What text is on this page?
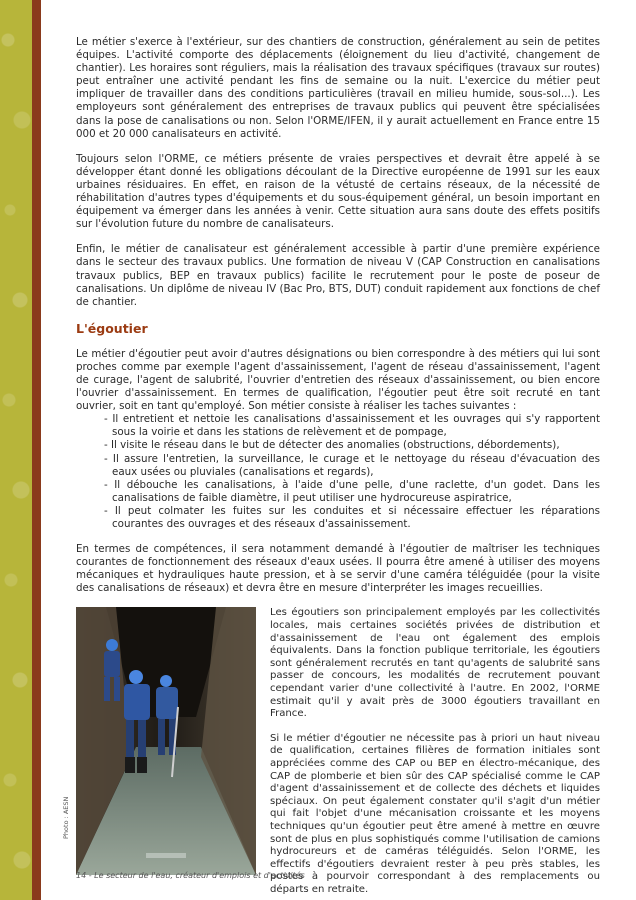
Le métier s'exerce à l'extérieur, sur des chantiers de construction, généralement au sein de petites équipes. L'activité comporte des déplacements (éloignement du lieu d'activité, changement de chantier). Les horaires sont réguliers, mais la réalisation des travaux spécifiques (travaux sur routes) peut entraîner une activité pendant les fins de semaine ou la nuit. L'exercice du métier peut impliquer de travailler dans des conditions particulières (travail en milieu humide, sous-sol...). Les employeurs sont généralement des entreprises de travaux publics qui peuvent être spécialisées dans la pose de canalisations ou non. Selon l'ORME/IFEN, il y aurait actuellement en France entre 15 000 et 20 000 canalisateurs en activité.

Toujours selon l'ORME, ce métiers présente de vraies perspectives et devrait être appelé à se développer étant donné les obligations découlant de la Directive européenne de 1991 sur les eaux urbaines résiduaires. En effet, en raison de la vétusté de certains réseaux, de la nécessité de réhabilitation d'autres types d'équipements et du sous-équipement général, un besoin important en équipement va émerger dans les années à venir. Cette situation aura sans doute des effets positifs sur l'évolution future du nombre de canalisateurs.

Enfin, le métier de canalisateur est généralement accessible à partir d'une première expérience dans le secteur des travaux publics. Une formation de niveau V (CAP Construction en canalisations travaux publics, BEP en travaux publics) facilite le recrutement pour le poste de poseur de canalisations. Un diplôme de niveau IV (Bac Pro, BTS, DUT) conduit rapidement aux fonctions de chef de chantier.

L'égoutier

Le métier d'égoutier peut avoir d'autres désignations ou bien correspondre à des métiers qui lui sont proches comme par exemple l'agent d'assainissement, l'agent de réseau d'assainissement, l'agent de curage, l'agent de salubrité, l'ouvrier d'entretien des réseaux d'assainissement, ou bien encore l'ouvrier d'assainissement. En termes de qualification, l'égoutier peut être soit recruté en tant ouvrier, soit en tant qu'employé. Son métier consiste à réaliser les taches suivantes :

- Il entretient et nettoie les canalisations d'assainissement et les ouvrages qui s'y rapportent sous la voirie et dans les stations de relèvement et de pompage,
- Il visite le réseau dans le but de détecter des anomalies (obstructions, débordements),
- Il assure l'entretien, la surveillance, le curage et le nettoyage du réseau d'évacuation des eaux usées ou pluviales (canalisations et regards),
- Il débouche les canalisations, à l'aide d'une pelle, d'une raclette, d'un godet. Dans les canalisations de faible diamètre, il peut utiliser une hydrocureuse aspiratrice,
- Il peut colmater les fuites sur les conduites et si nécessaire effectuer les réparations courantes des ouvrages et des réseaux d'assainissement.

En termes de compétences, il sera notamment demandé à l'égoutier de maîtriser les techniques courantes de fonctionnement des réseaux d'eaux usées. Il pourra être amené à utiliser des moyens mécaniques et hydrauliques haute pression, et à se servir d'une caméra téléguidée (pour la visite des canalisations de réseaux) et devra être en mesure d'interpréter les images recueillies.

Photo : AESN

Les égoutiers son principalement employés par les collectivités locales, mais certaines sociétés privées de distribution et d'assainissement de l'eau ont également des emplois équivalents. Dans la fonction publique territoriale, les égoutiers sont généralement recrutés en tant qu'agents de salubrité sans passer de concours, les modalités de recrutement pouvant cependant varier d'une collectivité à l'autre. En 2002, l'ORME estimait qu'il y avait près de 3000 égoutiers travaillant en France.

Si le métier d'égoutier ne nécessite pas à priori un haut niveau de qualification, certaines filières de formation initiales sont appréciées comme des CAP ou BEP en électro-mécanique, des CAP de plomberie et bien sûr des CAP spécialisé comme le CAP d'agent d'assainissement et de collecte des déchets et liquides spéciaux. On peut également constater qu'il s'agit d'un métier qui fait l'objet d'une mécanisation croissante et les moyens techniques qu'un égoutier peut être amené à mettre en œuvre sont de plus en plus sophistiqués comme l'utilisation de camions hydrocureurs et de caméras téléguidés. Selon l'ORME, les effectifs d'égoutiers devraient rester à peu près stables, les postes à pourvoir correspondant à des remplacements ou départs en retraite.

14 - Le secteur de l'eau, créateur d'emplois et d'activités
